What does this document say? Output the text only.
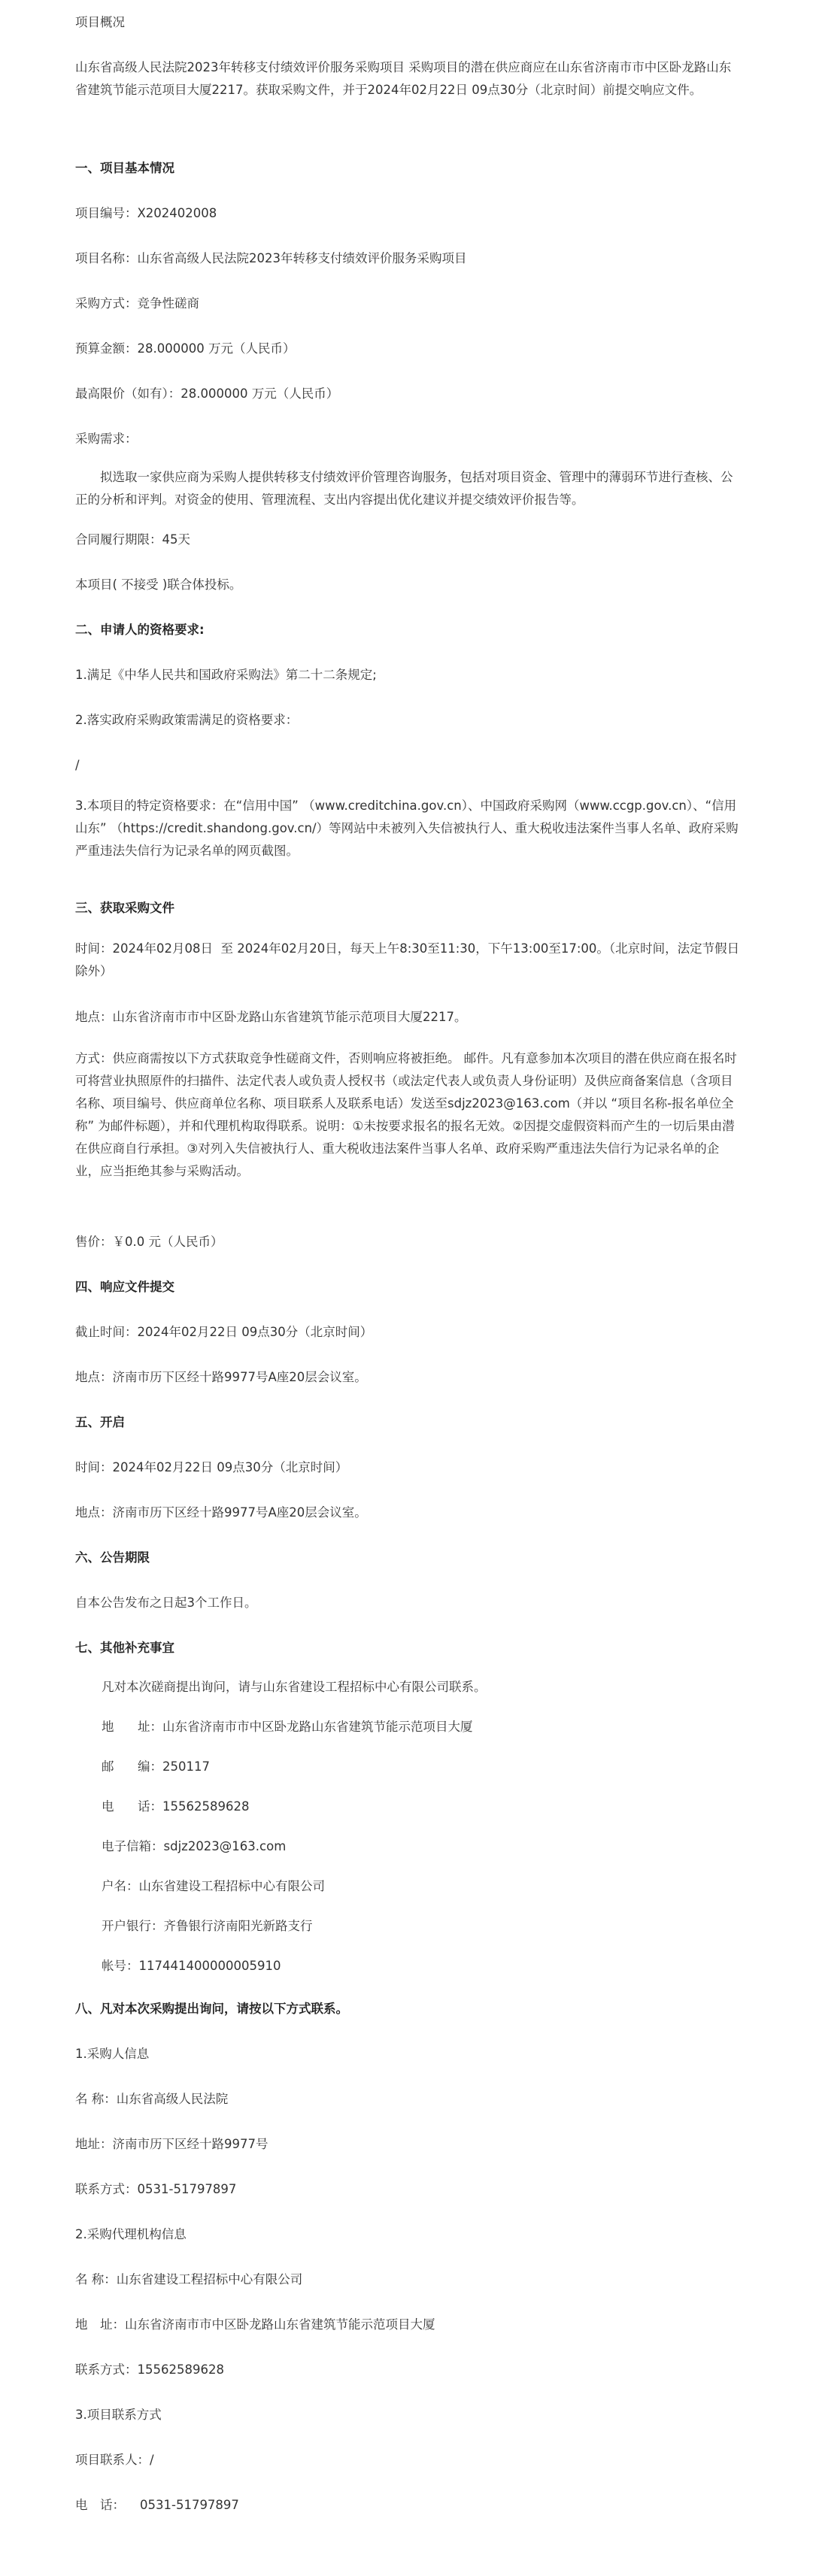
项目概况

山东省高级人民法院2023年转移支付绩效评价服务采购项目 采购项目的潜在供应商应在山东省济南市市中区卧龙路山东省建筑节能示范项目大厦2217。获取采购文件，并于2024年02月22日 09点30分（北京时间）前提交响应文件。

一、项目基本情况

项目编号：X202402008

项目名称：山东省高级人民法院2023年转移支付绩效评价服务采购项目

采购方式：竞争性磋商

预算金额：28.000000 万元（人民币）

最高限价（如有）：28.000000 万元（人民币）

采购需求：

拟选取一家供应商为采购人提供转移支付绩效评价管理咨询服务，包括对项目资金、管理中的薄弱环节进行查核、公正的分析和评判。对资金的使用、管理流程、支出内容提出优化建议并提交绩效评价报告等。

合同履行期限：45天

本项目( 不接受 )联合体投标。

二、申请人的资格要求:

1.满足《中华人民共和国政府采购法》第二十二条规定;

2.落实政府采购政策需满足的资格要求：

/

3.本项目的特定资格要求：在“信用中国” （www.creditchina.gov.cn）、中国政府采购网（www.ccgp.gov.cn）、“信用山东” （https://credit.shandong.gov.cn/）等网站中未被列入失信被执行人、重大税收违法案件当事人名单、政府采购严重违法失信行为记录名单的网页截图。

三、获取采购文件

时间：2024年02月08日  至 2024年02月20日，每天上午8:30至11:30，下午13:00至17:00。（北京时间，法定节假日除外）

地点：山东省济南市市中区卧龙路山东省建筑节能示范项目大厦2217。

方式：供应商需按以下方式获取竞争性磋商文件，否则响应将被拒绝。 邮件。凡有意参加本次项目的潜在供应商在报名时可将营业执照原件的扫描件、法定代表人或负责人授权书（或法定代表人或负责人身份证明）及供应商备案信息（含项目名称、项目编号、供应商单位名称、项目联系人及联系电话）发送至sdjz2023@163.com（并以 “项目名称-报名单位全称” 为邮件标题），并和代理机构取得联系。说明：①未按要求报名的报名无效。②因提交虚假资料而产生的一切后果由潜在供应商自行承担。③对列入失信被执行人、重大税收违法案件当事人名单、政府采购严重违法失信行为记录名单的企业，应当拒绝其参与采购活动。

售价：￥0.0 元（人民币）

四、响应文件提交

截止时间：2024年02月22日 09点30分（北京时间）

地点：济南市历下区经十路9977号A座20层会议室。

五、开启

时间：2024年02月22日 09点30分（北京时间）

地点：济南市历下区经十路9977号A座20层会议室。

六、公告期限

自本公告发布之日起3个工作日。

七、其他补充事宜

凡对本次磋商提出询问，请与山东省建设工程招标中心有限公司联系。

地      址：山东省济南市市中区卧龙路山东省建筑节能示范项目大厦

邮      编：250117

电      话：15562589628

电子信箱：sdjz2023@163.com

户名：山东省建设工程招标中心有限公司

开户银行：齐鲁银行济南阳光新路支行

帐号：117441400000005910

八、凡对本次采购提出询问，请按以下方式联系。

1.采购人信息

名 称：山东省高级人民法院

地址：济南市历下区经十路9977号

联系方式：0531-51797897

2.采购代理机构信息

名 称：山东省建设工程招标中心有限公司

地　址：山东省济南市市中区卧龙路山东省建筑节能示范项目大厦

联系方式：15562589628

3.项目联系方式

项目联系人：/

电　话： 0531-51797897
